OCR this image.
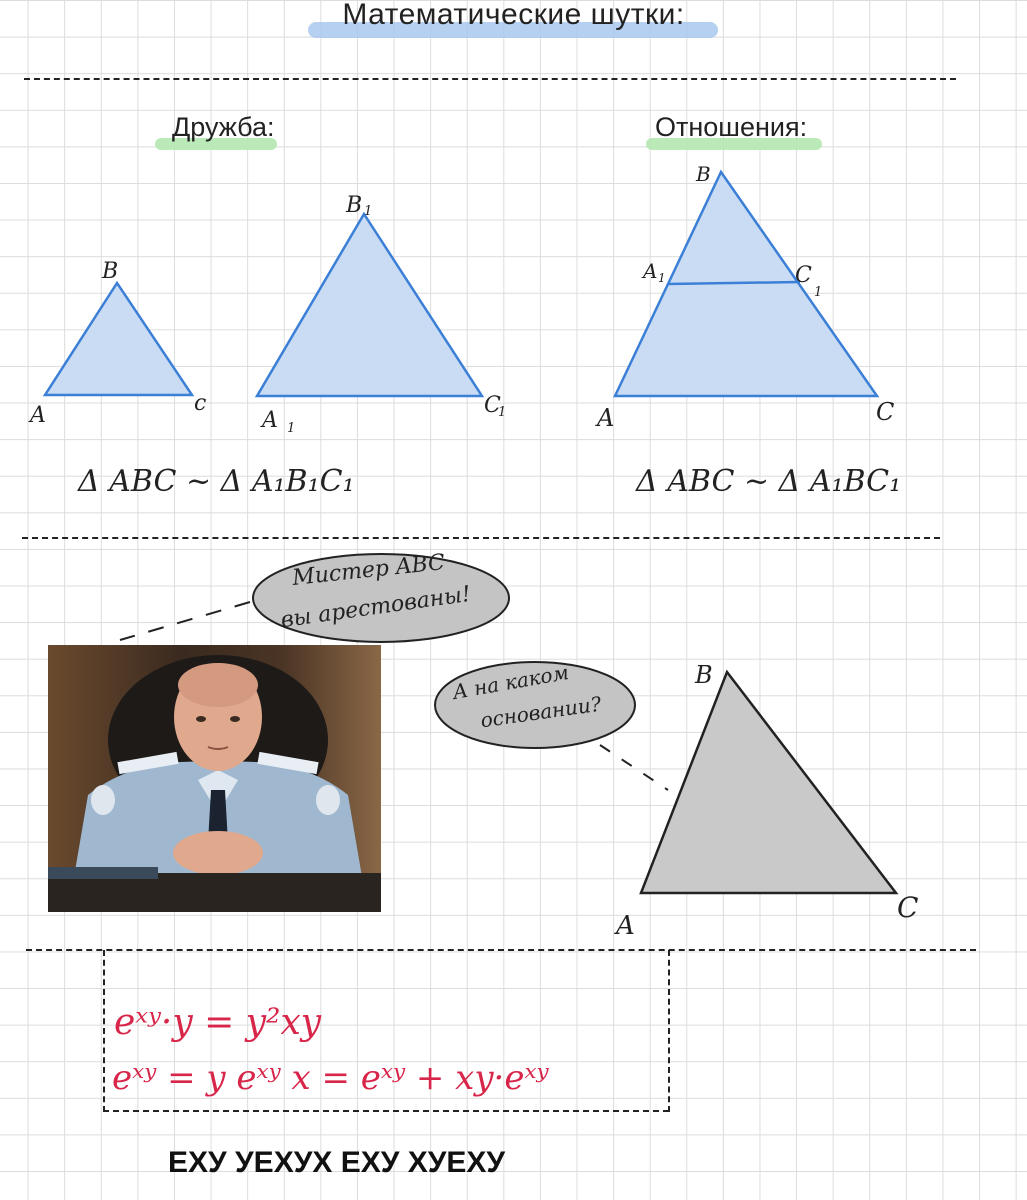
Математические шутки:
Дружба:	Отношения:
A
B
c
A 1
B 1
C
1	A
B
C
A 1	C
1
Δ ABC ~ Δ A₁B₁C₁	Δ ABC ~ Δ A₁BC₁
B
A
C
Мистер ABC
вы арестованы!
А на каком
основании?
eˣʸ·y = y²xy
eˣʸ = y eˣʸ x = eˣʸ + xy·eˣʸ
ЕХУ УЕХУХ ЕХУ ХУЕХУ
